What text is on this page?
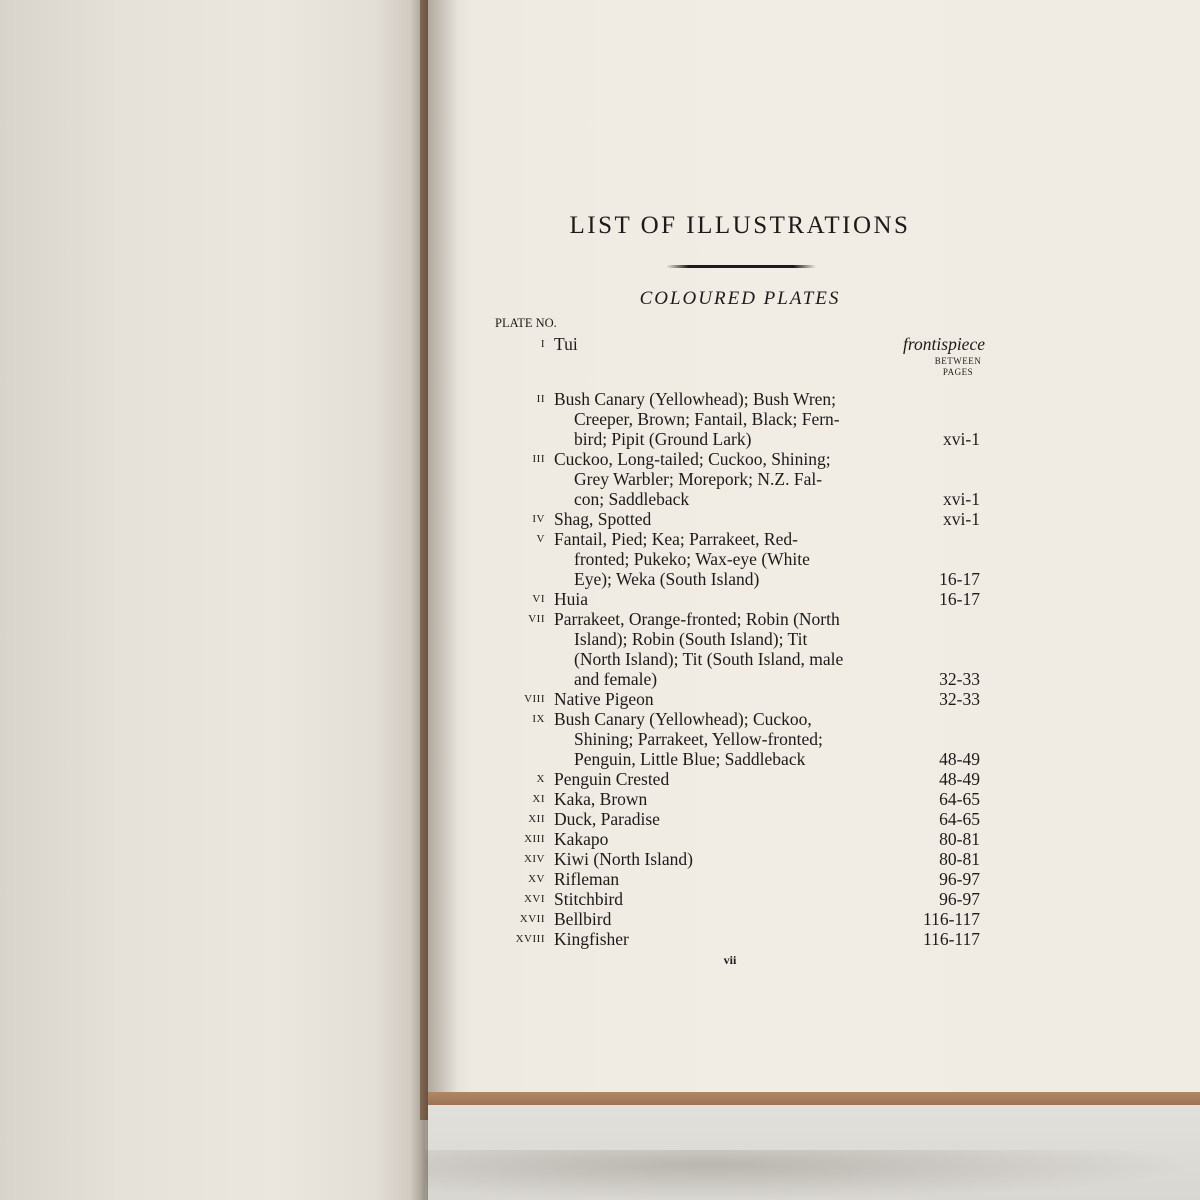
LIST OF ILLUSTRATIONS
COLOURED PLATES
PLATE NO.
BETWEEN
PAGES
I Tui	frontispiece
II Bush Canary (Yellowhead); Bush Wren;
Creeper, Brown; Fantail, Black; Fern-
bird; Pipit (Ground Lark)	xvi-1
III Cuckoo, Long-tailed; Cuckoo, Shining;
Grey Warbler; Morepork; N.Z. Fal-
con; Saddleback	xvi-1
IV Shag, Spotted	xvi-1
V Fantail, Pied; Kea; Parrakeet, Red-
fronted; Pukeko; Wax-eye (White
Eye); Weka (South Island)	16-17
VI Huia	16-17
VII Parrakeet, Orange-fronted; Robin (North
Island); Robin (South Island); Tit
(North Island); Tit (South Island, male
and female)	32-33
VIII Native Pigeon	32-33
IX Bush Canary (Yellowhead); Cuckoo,
Shining; Parrakeet, Yellow-fronted;
Penguin, Little Blue; Saddleback	48-49
X Penguin Crested	48-49
XI Kaka, Brown	64-65
XII Duck, Paradise	64-65
XIII Kakapo	80-81
XIV Kiwi (North Island)	80-81
XV Rifleman	96-97
XVI Stitchbird	96-97
XVII Bellbird	116-117
XVIII Kingfisher	116-117
vii
